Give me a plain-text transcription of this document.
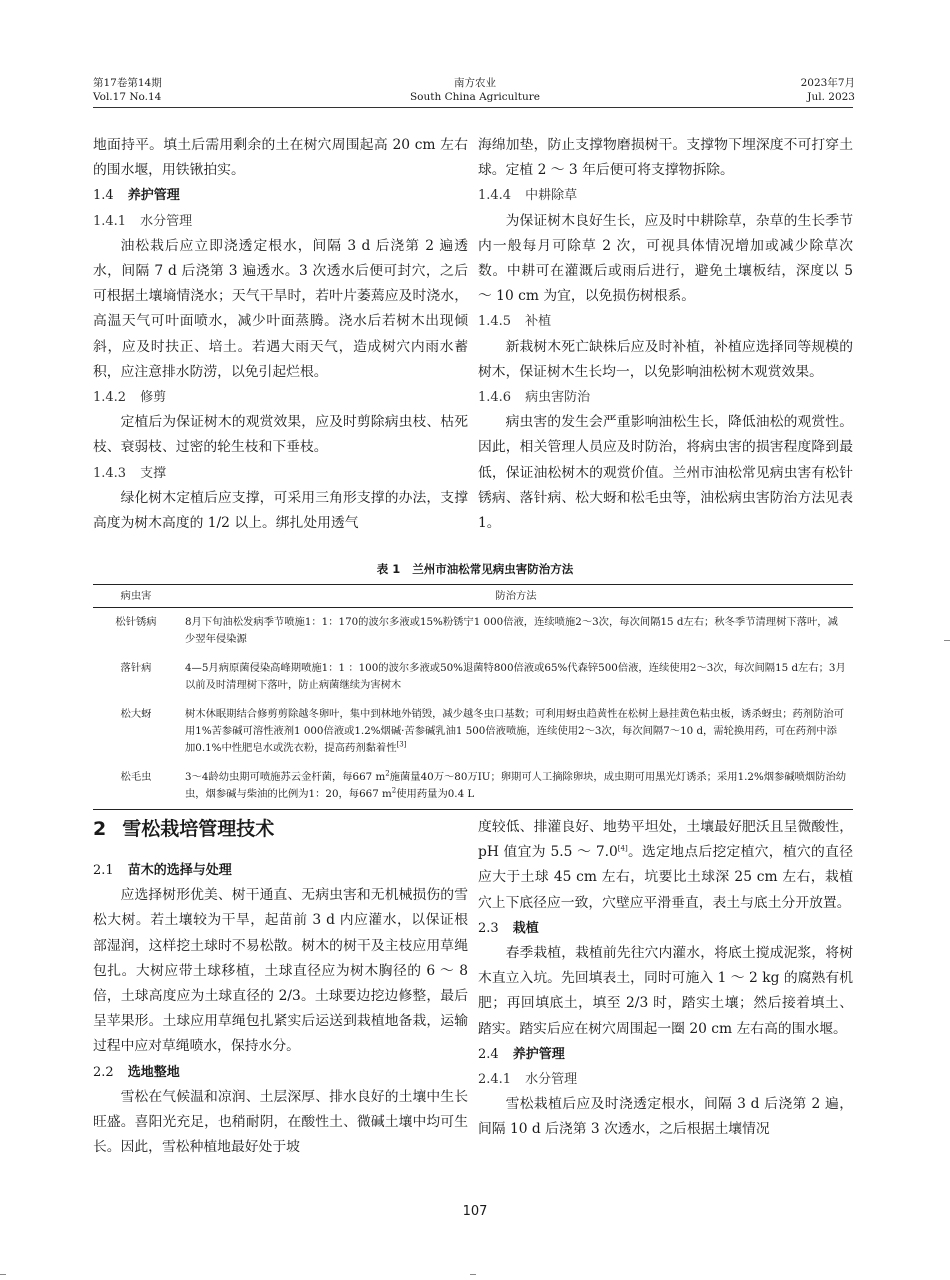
第17卷第14期
Vol.17 No.14
南方农业
South China Agriculture
2023年7月
Jul. 2023

地面持平。填土后需用剩余的土在树穴周围起高 20 cm 左右的围水堰，用铁锹拍实。

1.4 养护管理

1.4.1 水分管理

油松栽后应立即浇透定根水，间隔 3 d 后浇第 2 遍透水，间隔 7 d 后浇第 3 遍透水。3 次透水后便可封穴，之后可根据土壤墒情浇水；天气干旱时，若叶片萎蔫应及时浇水，高温天气可叶面喷水，减少叶面蒸腾。浇水后若树木出现倾斜，应及时扶正、培土。若遇大雨天气，造成树穴内雨水蓄积，应注意排水防涝，以免引起烂根。

1.4.2 修剪

定植后为保证树木的观赏效果，应及时剪除病虫枝、枯死枝、衰弱枝、过密的轮生枝和下垂枝。

1.4.3 支撑

绿化树木定植后应支撑，可采用三角形支撑的办法，支撑高度为树木高度的 1/2 以上。绑扎处用透气

海绵加垫，防止支撑物磨损树干。支撑物下埋深度不可打穿土球。定植 2 ～ 3 年后便可将支撑物拆除。

1.4.4 中耕除草

为保证树木良好生长，应及时中耕除草，杂草的生长季节内一般每月可除草 2 次，可视具体情况增加或减少除草次数。中耕可在灌溉后或雨后进行，避免土壤板结，深度以 5 ～ 10 cm 为宜，以免损伤树根系。

1.4.5 补植

新栽树木死亡缺株后应及时补植，补植应选择同等规模的树木，保证树木生长均一，以免影响油松树木观赏效果。

1.4.6 病虫害防治

病虫害的发生会严重影响油松生长，降低油松的观赏性。因此，相关管理人员应及时防治，将病虫害的损害程度降到最低，保证油松树木的观赏价值。兰州市油松常见病虫害有松针锈病、落针病、松大蚜和松毛虫等，油松病虫害防治方法见表 1。

表 1 兰州市油松常见病虫害防治方法
病虫害	防治方法
松针锈病	8月下旬油松发病季节喷施1：1：170的波尔多液或15%粉锈宁1 000倍液，连续喷施2～3次，每次间隔15 d左右；秋冬季节清理树下落叶，减少翌年侵染源
落针病	4—5月病原菌侵染高峰期喷施1：1 ：100的波尔多液或50%退菌特800倍液或65%代森锌500倍液，连续使用2～3次，每次间隔15 d左右；3月以前及时清理树下落叶，防止病菌继续为害树木
松大蚜	树木休眠期结合修剪剪除越冬卵叶，集中到林地外销毁，减少越冬虫口基数；可利用蚜虫趋黄性在松树上悬挂黄色粘虫板，诱杀蚜虫；药剂防治可用1%苦参碱可溶性液剂1 000倍液或1.2%烟碱·苦参碱乳油1 500倍液喷施，连续使用2～3次，每次间隔7～10 d，需轮换用药，可在药剂中添加0.1%中性肥皂水或洗衣粉，提高药剂黏着性[3]
松毛虫	3～4龄幼虫期可喷施苏云金杆菌，每667 $m^2$施菌量40万～80万IU；卵期可人工摘除卵块，成虫期可用黑光灯诱杀；采用1.2%烟参碱喷烟防治幼虫，烟参碱与柴油的比例为1：20，每667 $m^2$使用药量为0.4 L
2 雪松栽培管理技术

2.1 苗木的选择与处理

应选择树形优美、树干通直、无病虫害和无机械损伤的雪松大树。若土壤较为干旱，起苗前 3 d 内应灌水，以保证根部湿润，这样挖土球时不易松散。树木的树干及主枝应用草绳包扎。大树应带土球移植，土球直径应为树木胸径的 6 ～ 8 倍，土球高度应为土球直径的 2/3。土球要边挖边修整，最后呈苹果形。土球应用草绳包扎紧实后运送到栽植地备栽，运输过程中应对草绳喷水，保持水分。

2.2 选地整地

雪松在气候温和凉润、土层深厚、排水良好的土壤中生长旺盛。喜阳光充足，也稍耐阴，在酸性土、微碱土壤中均可生长。因此，雪松种植地最好处于坡

度较低、排灌良好、地势平坦处，土壤最好肥沃且呈微酸性，pH 值宜为 5.5 ～ 7.0[4]。选定地点后挖定植穴，植穴的直径应大于土球 45 cm 左右，坑要比土球深 25 cm 左右，栽植穴上下底径应一致，穴壁应平滑垂直，表土与底土分开放置。

2.3 栽植

春季栽植，栽植前先往穴内灌水，将底土搅成泥浆，将树木直立入坑。先回填表土，同时可施入 1 ～ 2 kg 的腐熟有机肥；再回填底土，填至 2/3 时，踏实土壤；然后接着填土、踏实。踏实后应在树穴周围起一圈 20 cm 左右高的围水堰。

2.4 养护管理

2.4.1 水分管理

雪松栽植后应及时浇透定根水，间隔 3 d 后浇第 2 遍，间隔 10 d 后浇第 3 次透水，之后根据土壤情况

107
